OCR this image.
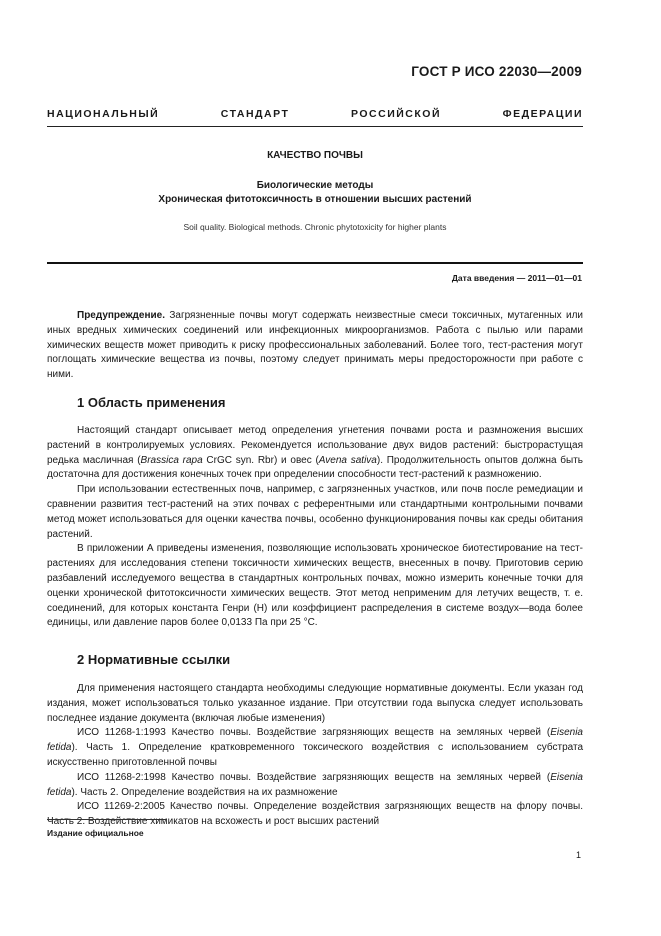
ГОСТ Р ИСО 22030—2009
НАЦИОНАЛЬНЫЙ СТАНДАРТ РОССИЙСКОЙ ФЕДЕРАЦИИ
КАЧЕСТВО ПОЧВЫ
Биологические методы
Хроническая фитотоксичность в отношении высших растений
Soil quality. Biological methods. Chronic phytotoxicity for higher plants
Дата введения — 2011—01—01

Предупреждение. Загрязненные почвы могут содержать неизвестные смеси токсичных, мутагенных или иных вредных химических соединений или инфекционных микроорганизмов. Работа с пылью или парами химических веществ может приводить к риску профессиональных заболеваний. Более того, тест-растения могут поглощать химические вещества из почвы, поэтому следует принимать меры предосторожности при работе с ними.

1 Область применения

Настоящий стандарт описывает метод определения угнетения почвами роста и размножения высших растений в контролируемых условиях. Рекомендуется использование двух видов растений: быстрорастущая редька масличная (Brassica rapa CrGC syn. Rbr) и овес (Avena sativa). Продолжительность опытов должна быть достаточна для достижения конечных точек при определении способности тест-растений к размножению.

При использовании естественных почв, например, с загрязненных участков, или почв после ремедиации и сравнении развития тест-растений на этих почвах с референтными или стандартными контрольными почвами метод может использоваться для оценки качества почвы, особенно функционирования почвы как среды обитания растений.

В приложении А приведены изменения, позволяющие использовать хроническое биотестирование на тест-растениях для исследования степени токсичности химических веществ, внесенных в почву. Приготовив серию разбавлений исследуемого вещества в стандартных контрольных почвах, можно измерить конечные точки для оценки хронической фитотоксичности химических веществ. Этот метод неприменим для летучих веществ, т. е. соединений, для которых константа Генри (H) или коэффициент распределения в системе воздух—вода более единицы, или давление паров более 0,0133 Па при 25 °C.

2 Нормативные ссылки

Для применения настоящего стандарта необходимы следующие нормативные документы. Если указан год издания, может использоваться только указанное издание. При отсутствии года выпуска следует использовать последнее издание документа (включая любые изменения)

ИСО 11268-1:1993 Качество почвы. Воздействие загрязняющих веществ на земляных червей (Eisenia fetida). Часть 1. Определение кратковременного токсического воздействия с использованием субстрата искусственно приготовленной почвы

ИСО 11268-2:1998 Качество почвы. Воздействие загрязняющих веществ на земляных червей (Eisenia fetida). Часть 2. Определение воздействия на их размножение

ИСО 11269-2:2005 Качество почвы. Определение воздействия загрязняющих веществ на флору почвы. Часть 2. Воздействие химикатов на всхожесть и рост высших растений

Издание официальное
1
